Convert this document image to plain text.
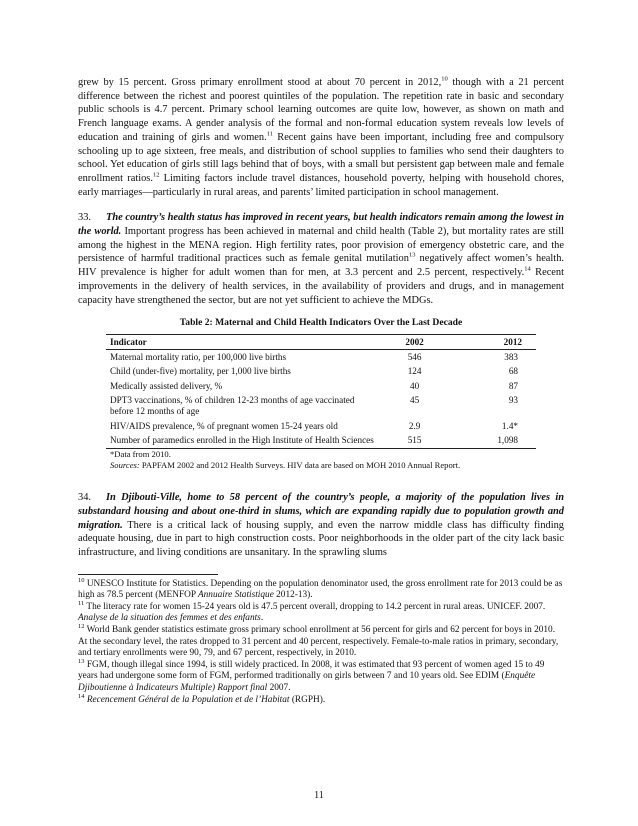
grew by 15 percent. Gross primary enrollment stood at about 70 percent in 2012,10 though with a 21 percent difference between the richest and poorest quintiles of the population. The repetition rate in basic and secondary public schools is 4.7 percent. Primary school learning outcomes are quite low, however, as shown on math and French language exams. A gender analysis of the formal and non-formal education system reveals low levels of education and training of girls and women.$^{11}$ Recent gains have been important, including free and compulsory schooling up to age sixteen, free meals, and distribution of school supplies to families who send their daughters to school. Yet education of girls still lags behind that of boys, with a small but persistent gap between male and female enrollment ratios.$^{12}$ Limiting factors include travel distances, household poverty, helping with household chores, early marriages—particularly in rural areas, and parents’ limited participation in school management.

33. The country’s health status has improved in recent years, but health indicators remain among the lowest in the world. Important progress has been achieved in maternal and child health (Table 2), but mortality rates are still among the highest in the MENA region. High fertility rates, poor provision of emergency obstetric care, and the persistence of harmful traditional practices such as female genital mutilation$^{13}$ negatively affect women’s health. HIV prevalence is higher for adult women than for men, at 3.3 percent and 2.5 percent, respectively.$^{14}$ Recent improvements in the delivery of health services, in the availability of providers and drugs, and in management capacity have strengthened the sector, but are not yet sufficient to achieve the MDGs.

Table 2: Maternal and Child Health Indicators Over the Last Decade
Indicator	2002	2012
Maternal mortality ratio, per 100,000 live births	546	383
Child (under-five) mortality, per 1,000 live births	124	68
Medically assisted delivery, %	40	87
DPT3 vaccinations, % of children 12-23 months of age vaccinated before 12 months of age	45	93
HIV/AIDS prevalence, % of pregnant women 15-24 years old	2.9	1.4*
Number of paramedics enrolled in the High Institute of Health Sciences	515	1,098
*Data from 2010.
Sources: PAPFAM 2002 and 2012 Health Surveys. HIV data are based on MOH 2010 Annual Report.

34. In Djibouti-Ville, home to 58 percent of the country’s people, a majority of the population lives in substandard housing and about one-third in slums, which are expanding rapidly due to population growth and migration. There is a critical lack of housing supply, and even the narrow middle class has difficulty finding adequate housing, due in part to high construction costs. Poor neighborhoods in the older part of the city lack basic infrastructure, and living conditions are unsanitary. In the sprawling slums

$^{10}$ UNESCO Institute for Statistics. Depending on the population denominator used, the gross enrollment rate for 2013 could be as high as 78.5 percent (MENFOP Annuaire Statistique 2012-13).

$^{11}$ The literacy rate for women 15-24 years old is 47.5 percent overall, dropping to 14.2 percent in rural areas. UNICEF. 2007. Analyse de la situation des femmes et des enfants.

$^{12}$ World Bank gender statistics estimate gross primary school enrollment at 56 percent for girls and 62 percent for boys in 2010. At the secondary level, the rates dropped to 31 percent and 40 percent, respectively. Female-to-male ratios in primary, secondary, and tertiary enrollments were 90, 79, and 67 percent, respectively, in 2010.

$^{13}$ FGM, though illegal since 1994, is still widely practiced. In 2008, it was estimated that 93 percent of women aged 15 to 49 years had undergone some form of FGM, performed traditionally on girls between 7 and 10 years old. See EDIM (Enquête Djiboutienne à Indicateurs Multiple) Rapport final 2007.

$^{14}$ Recencement Général de la Population et de l’Habitat (RGPH).

11
